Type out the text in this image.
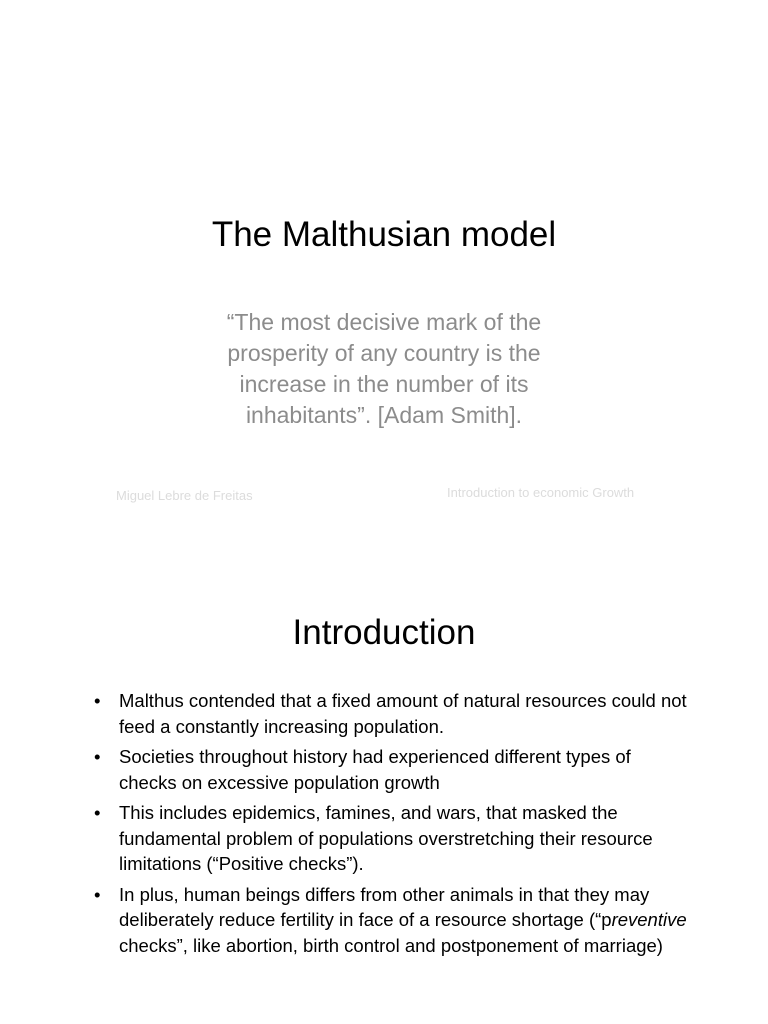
The Malthusian model
“The most decisive mark of the prosperity of any country is the increase in the number of its inhabitants”. [Adam Smith].
Miguel Lebre de Freitas	Introduction to economic Growth
Introduction
• Malthus contended that a fixed amount of natural resources could not feed a constantly increasing population.
• Societies throughout history had experienced different types of checks on excessive population growth
• This includes epidemics, famines, and wars, that masked the fundamental problem of populations overstretching their resource limitations (“Positive checks”).
• In plus, human beings differs from other animals in that they may deliberately reduce fertility in face of a resource shortage (“preventive checks”, like abortion, birth control and postponement of marriage)
